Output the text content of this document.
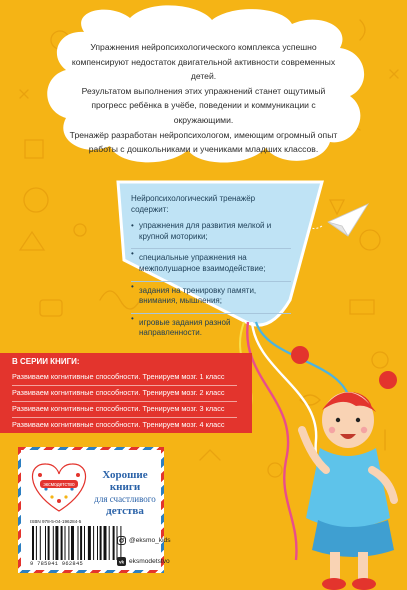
Упражнения нейропсихологического комплекса успешно компенсируют недостаток двигательной активности современных детей.

Результатом выполнения этих упражнений станет ощутимый прогресс ребёнка в учёбе, поведении и коммуникации с окружающими.

Тренажёр разработан нейропсихологом, имеющим огромный опыт работы с дошкольниками и учениками младших классов.

Нейропсихологический тренажёр содержит:
• упражнения для развития мелкой и крупной моторики;
• специальные упражнения на межполушарное взаимодействие;
• задания на тренировку памяти, внимания, мышления;
• игровые задания разной направленности.
В СЕРИИ КНИГИ:
Развиваем когнитивные способности. Тренируем мозг. 1 класс
Развиваем когнитивные способности. Тренируем мозг. 2 класс
Развиваем когнитивные способности. Тренируем мозг. 3 класс
Развиваем когнитивные способности. Тренируем мозг. 4 класс
эксмодетство
Хорошие
книги
для счастливого
детства
ISBN 978-5-04-196284-5
9 785041 962845
@eksmo_kids
vk eksmodetstvo
